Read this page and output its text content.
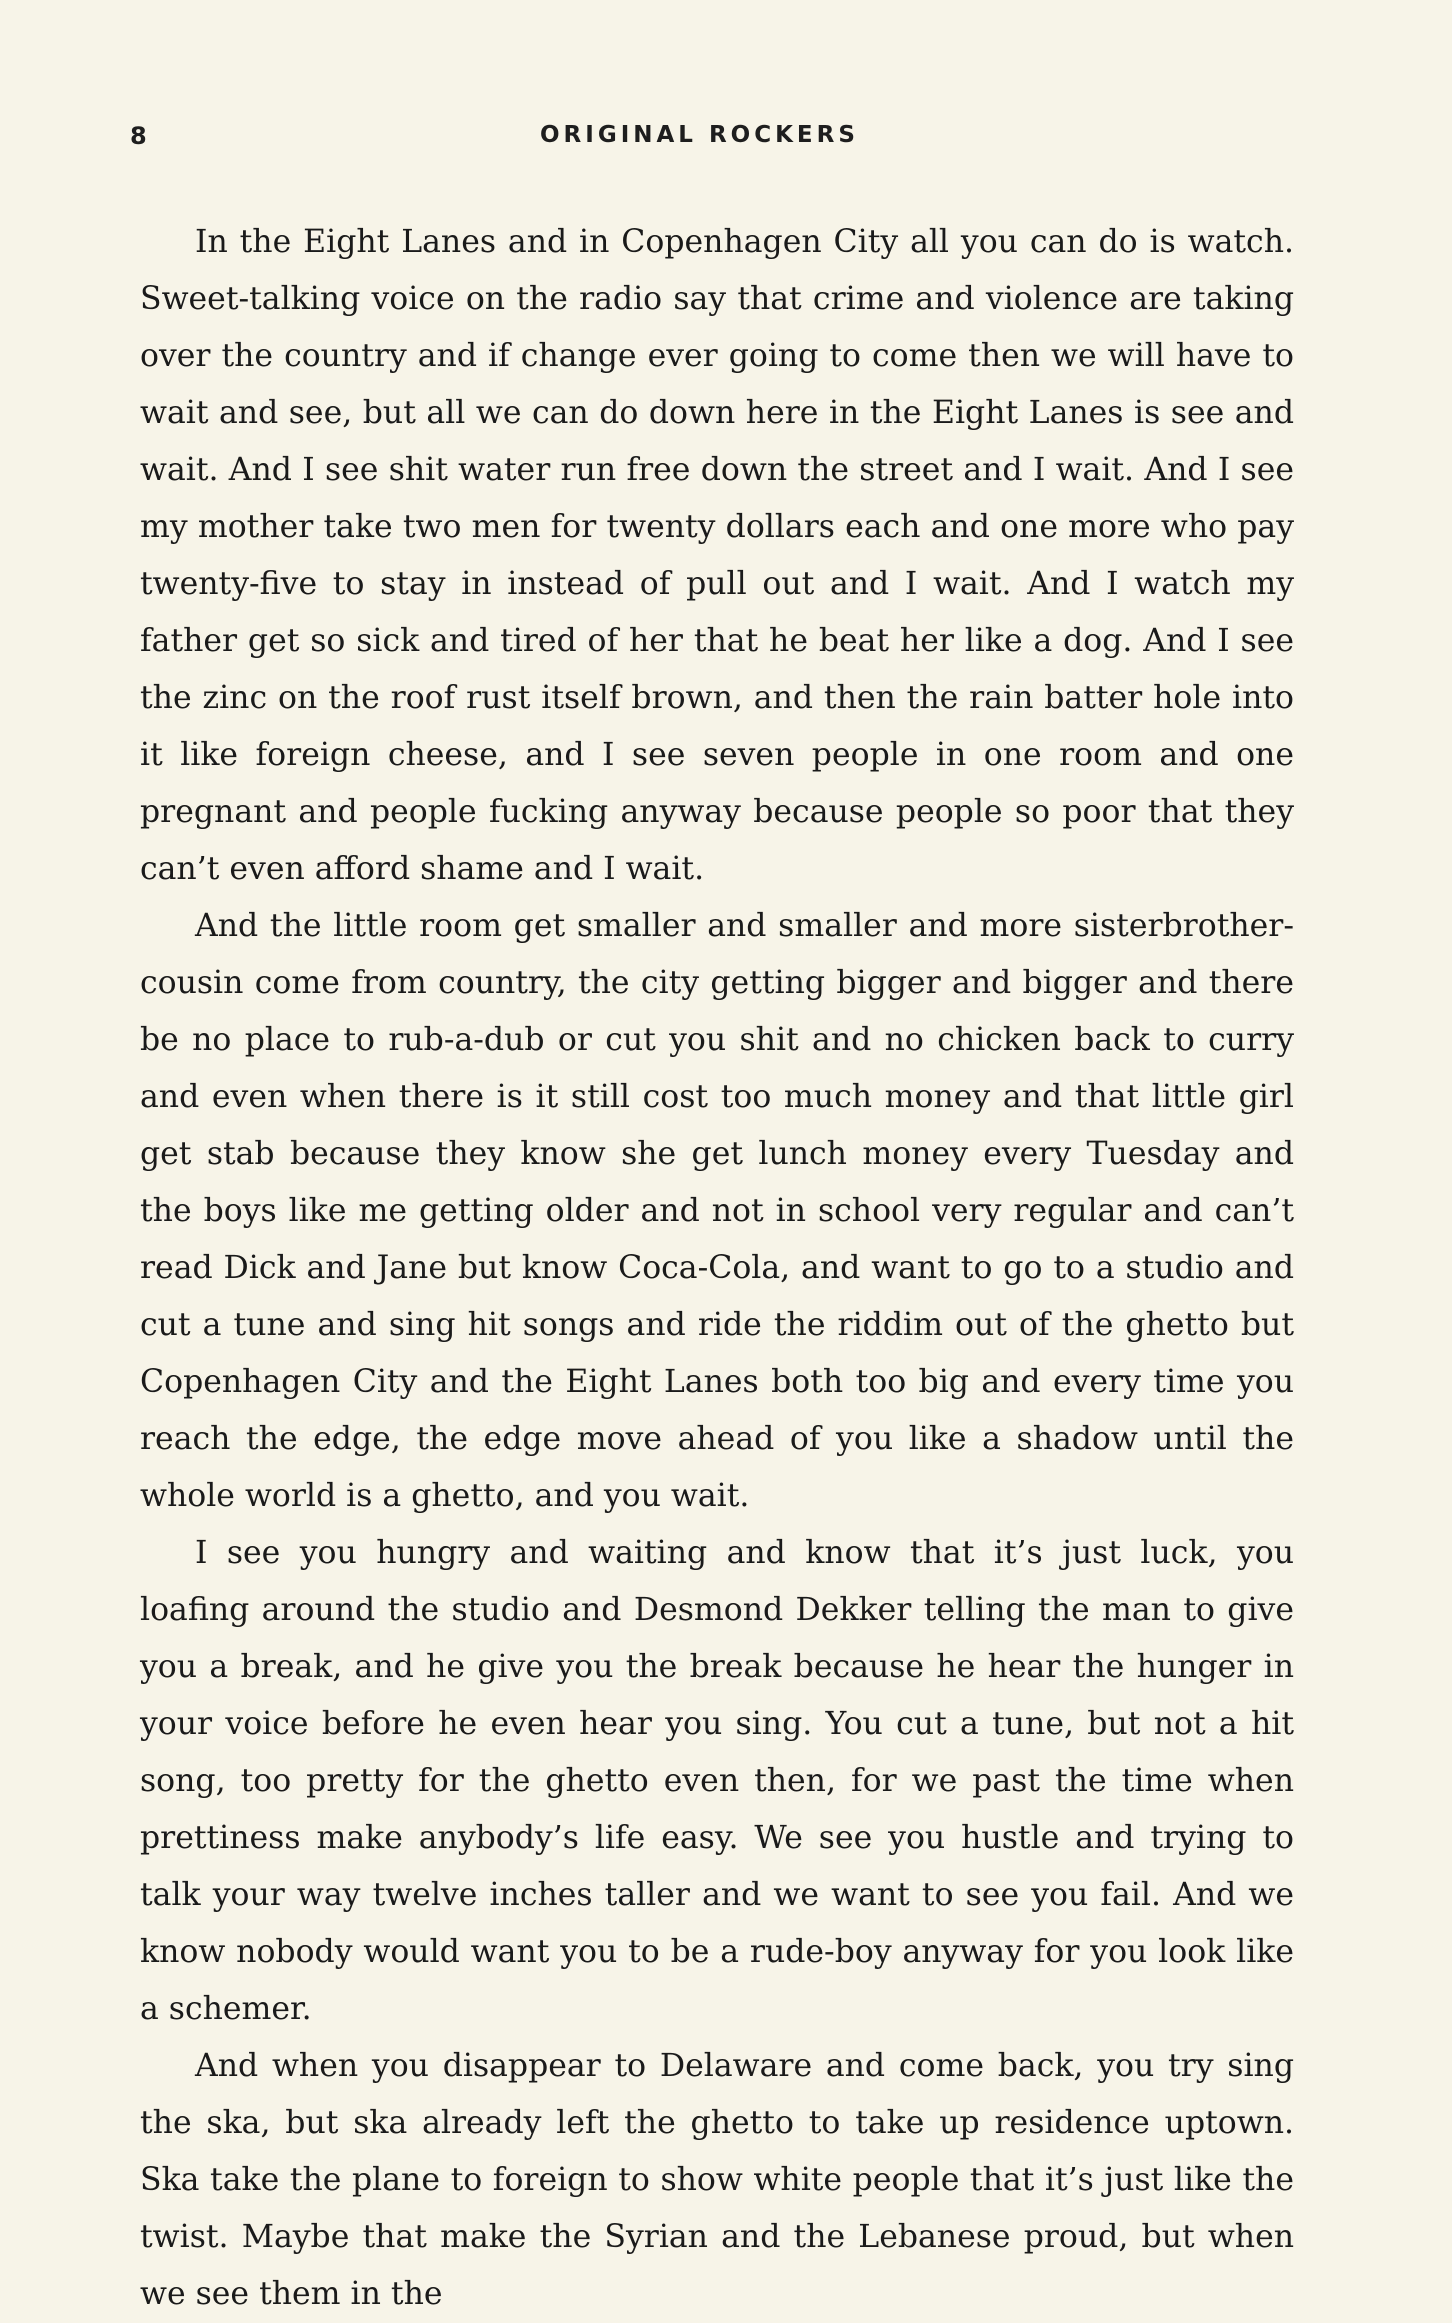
8	ORIGINAL ROCKERS

In the Eight Lanes and in Copenhagen City all you can do is watch. Sweet-talking voice on the radio say that crime and violence are taking over the country and if change ever going to come then we will have to wait and see, but all we can do down here in the Eight Lanes is see and wait. And I see shit water run free down the street and I wait. And I see my mother take two men for twenty dollars each and one more who pay twenty-five to stay in instead of pull out and I wait. And I watch my father get so sick and tired of her that he beat her like a dog. And I see the zinc on the roof rust itself brown, and then the rain batter hole into it like foreign cheese, and I see seven people in one room and one pregnant and people fucking anyway because people so poor that they can’t even afford shame and I wait.

And the little room get smaller and smaller and more sisterbrother-cousin come from country, the city getting bigger and bigger and there be no place to rub-a-dub or cut you shit and no chicken back to curry and even when there is it still cost too much money and that little girl get stab because they know she get lunch money every Tuesday and the boys like me getting older and not in school very regular and can’t read Dick and Jane but know Coca-Cola, and want to go to a studio and cut a tune and sing hit songs and ride the riddim out of the ghetto but Copenhagen City and the Eight Lanes both too big and every time you reach the edge, the edge move ahead of you like a shadow until the whole world is a ghetto, and you wait.

I see you hungry and waiting and know that it’s just luck, you loafing around the studio and Desmond Dekker telling the man to give you a break, and he give you the break because he hear the hunger in your voice before he even hear you sing. You cut a tune, but not a hit song, too pretty for the ghetto even then, for we past the time when prettiness make anybody’s life easy. We see you hustle and trying to talk your way twelve inches taller and we want to see you fail. And we know nobody would want you to be a rude-boy anyway for you look like a schemer.

And when you disappear to Delaware and come back, you try sing the ska, but ska already left the ghetto to take up residence uptown. Ska take the plane to foreign to show white people that it’s just like the twist. Maybe that make the Syrian and the Lebanese proud, but when we see them in the
